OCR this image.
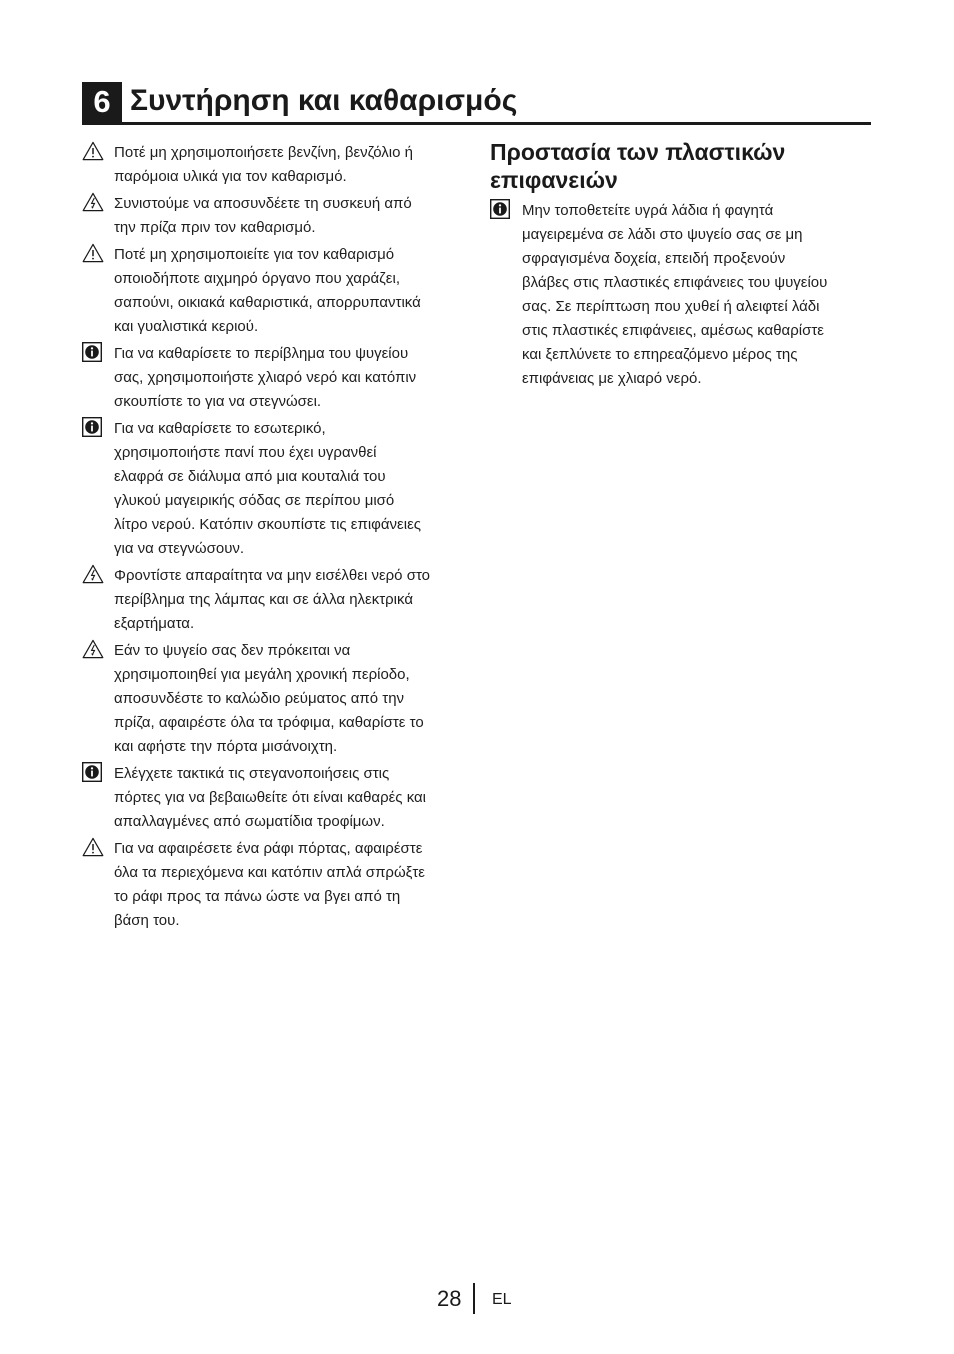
6 Συντήρηση και καθαρισμός
Ποτέ μη χρησιμοποιήσετε βενζίνη, βενζόλιο ή
παρόμοια υλικά για τον καθαρισμό.
Συνιστούμε να αποσυνδέετε τη συσκευή από
την πρίζα πριν τον καθαρισμό.
Ποτέ μη χρησιμοποιείτε για τον καθαρισμό
οποιοδήποτε αιχμηρό όργανο που χαράζει,
σαπούνι, οικιακά καθαριστικά, απορρυπαντικά
και γυαλιστικά κεριού.
Για να καθαρίσετε το περίβλημα του ψυγείου
σας, χρησιμοποιήστε χλιαρό νερό και κατόπιν
σκουπίστε το για να στεγνώσει.
Για να καθαρίσετε το εσωτερικό,
χρησιμοποιήστε πανί που έχει υγρανθεί
ελαφρά σε διάλυμα από μια κουταλιά του
γλυκού μαγειρικής σόδας σε περίπου μισό
λίτρο νερού. Κατόπιν σκουπίστε τις επιφάνειες
για να στεγνώσουν.
Φροντίστε απαραίτητα να μην εισέλθει νερό στο
περίβλημα της λάμπας και σε άλλα ηλεκτρικά
εξαρτήματα.
Εάν το ψυγείο σας δεν πρόκειται να
χρησιμοποιηθεί για μεγάλη χρονική περίοδο,
αποσυνδέστε το καλώδιο ρεύματος από την
πρίζα, αφαιρέστε όλα τα τρόφιμα, καθαρίστε το
και αφήστε την πόρτα μισάνοιχτη.
Ελέγχετε τακτικά τις στεγανοποιήσεις στις
πόρτες για να βεβαιωθείτε ότι είναι καθαρές και
απαλλαγμένες από σωματίδια τροφίμων.
Για να αφαιρέσετε ένα ράφι πόρτας, αφαιρέστε
όλα τα περιεχόμενα και κατόπιν απλά σπρώξτε
το ράφι προς τα πάνω ώστε να βγει από τη
βάση του.
Προστασία των πλαστικών επιφανειών
Μην τοποθετείτε υγρά λάδια ή φαγητά
μαγειρεμένα σε λάδι στο ψυγείο σας σε μη
σφραγισμένα δοχεία, επειδή προξενούν
βλάβες στις πλαστικές επιφάνειες του ψυγείου
σας. Σε περίπτωση που χυθεί ή αλειφτεί λάδι
στις πλαστικές επιφάνειες, αμέσως καθαρίστε
και ξεπλύνετε το επηρεαζόμενο μέρος της
επιφάνειας με χλιαρό νερό.
28 EL
